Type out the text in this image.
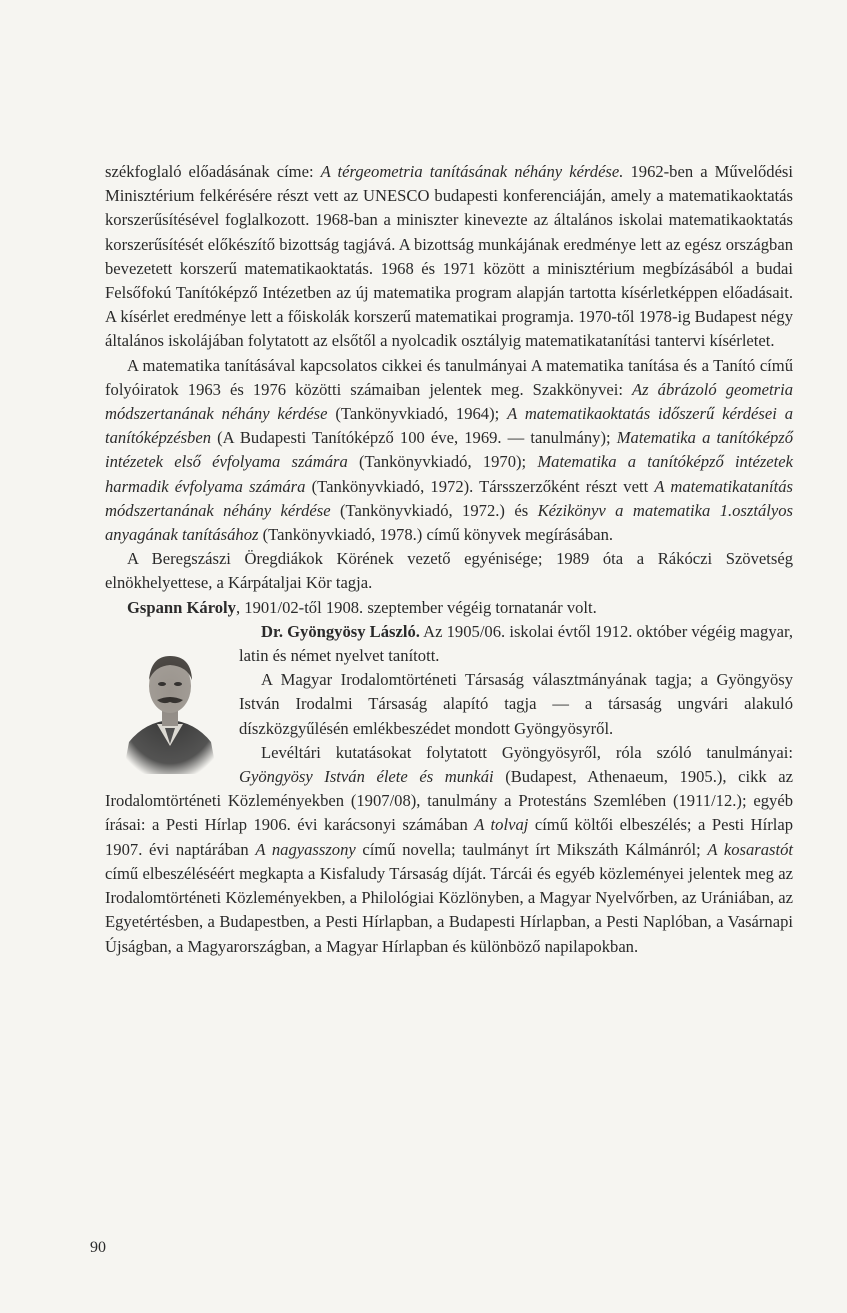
székfoglaló előadásának címe: A térgeometria tanításának néhány kérdése. 1962-ben a Művelődési Minisztérium felkérésére részt vett az UNESCO budapesti konferenciáján, amely a matematikaoktatás korszerűsítésével foglalkozott. 1968-ban a miniszter kinevezte az általános iskolai matematikaoktatás korszerűsítését előkészítő bizottság tagjává. A bizottság munkájának eredménye lett az egész országban bevezetett korszerű matematikaoktatás. 1968 és 1971 között a minisztérium megbízásából a budai Felsőfokú Tanítóképző Intézetben az új matematika program alapján tartotta kísérletképpen előadásait. A kísérlet eredménye lett a főiskolák korszerű matematikai programja. 1970-től 1978-ig Budapest négy általános iskolájában folytatott az elsőtől a nyolcadik osztályig matematikatanítási tantervi kísérletet.

A matematika tanításával kapcsolatos cikkei és tanulmányai A matematika tanítása és a Tanító című folyóiratok 1963 és 1976 közötti számaiban jelentek meg. Szakkönyvei: Az ábrázoló geometria módszertanának néhány kérdése (Tankönyvkiadó, 1964); A matematikaoktatás időszerű kérdései a tanítóképzésben (A Budapesti Tanítóképző 100 éve, 1969. — tanulmány); Matematika a tanítóképző intézetek első évfolyama számára (Tankönyvkiadó, 1970); Matematika a tanítóképző intézetek harmadik évfolyama számára (Tankönyvkiadó, 1972). Társszerzőként részt vett A matematikatanítás módszertanának néhány kérdése (Tankönyvkiadó, 1972.) és Kézikönyv a matematika 1.osztályos anyagának tanításához (Tankönyvkiadó, 1978.) című könyvek megírásában.

A Beregszászi Öregdiákok Körének vezető egyénisége; 1989 óta a Rákóczi Szövetség elnökhelyettese, a Kárpátaljai Kör tagja.

Gspann Károly, 1901/02-től 1908. szeptember végéig tornatanár volt.

Dr. Gyöngyösy László. Az 1905/06. iskolai évtől 1912. október végéig magyar, latin és német nyelvet tanított.

A Magyar Irodalomtörténeti Társaság választmányának tagja; a Gyöngyösy István Irodalmi Társaság alapító tagja — a társaság ungvári alakuló díszközgyűlésén emlékbeszédet mondott Gyöngyösyről.

Levéltári kutatásokat folytatott Gyöngyösyről, róla szóló tanulmányai: Gyöngyösy István élete és munkái (Budapest, Athenaeum, 1905.), cikk az Irodalomtörténeti Közleményekben (1907/08), tanulmány a Protestáns Szemlében (1911/12.); egyéb írásai: a Pesti Hírlap 1906. évi karácsonyi számában A tolvaj című költői elbeszélés; a Pesti Hírlap 1907. évi naptárában A nagyasszony című novella; taulmányt írt Mikszáth Kálmánról; A kosarastót című elbeszéléséért megkapta a Kisfaludy Társaság díját. Tárcái és egyéb közleményei jelentek meg az Irodalomtörténeti Közleményekben, a Philológiai Közlönyben, a Magyar Nyelvőrben, az Urániában, az Egyetértésben, a Budapestben, a Pesti Hírlapban, a Budapesti Hírlapban, a Pesti Naplóban, a Vasárnapi Újságban, a Magyarországban, a Magyar Hírlapban és különböző napilapokban.

90
